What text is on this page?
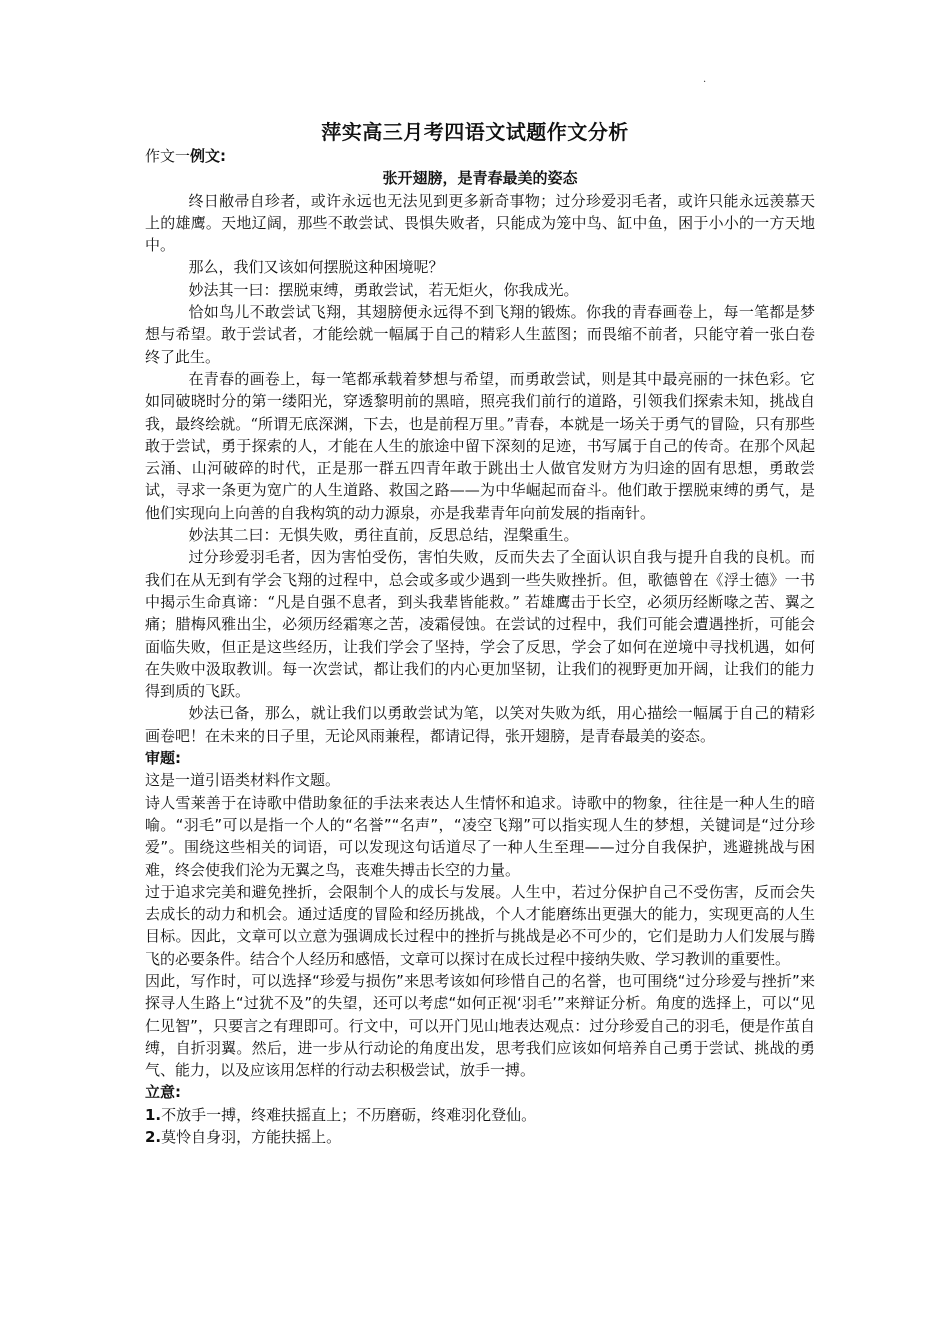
.
萍实高三月考四语文试题作文分析

作文一例文:

张开翅膀，是青春最美的姿态

终日敝帚自珍者，或许永远也无法见到更多新奇事物；过分珍爱羽毛者，或许只能永远羡慕天上的雄鹰。天地辽阔，那些不敢尝试、畏惧失败者，只能成为笼中鸟、缸中鱼，困于小小的一方天地中。

那么，我们又该如何摆脱这种困境呢？

妙法其一曰：摆脱束缚，勇敢尝试，若无炬火，你我成光。

恰如鸟儿不敢尝试飞翔，其翅膀便永远得不到飞翔的锻炼。你我的青春画卷上，每一笔都是梦想与希望。敢于尝试者，才能绘就一幅属于自己的精彩人生蓝图；而畏缩不前者，只能守着一张白卷终了此生。

在青春的画卷上，每一笔都承载着梦想与希望，而勇敢尝试，则是其中最亮丽的一抹色彩。它如同破晓时分的第一缕阳光，穿透黎明前的黑暗，照亮我们前行的道路，引领我们探索未知，挑战自我，最终绘就。“所谓无底深渊，下去，也是前程万里。”青春，本就是一场关于勇气的冒险，只有那些敢于尝试，勇于探索的人，才能在人生的旅途中留下深刻的足迹，书写属于自己的传奇。在那个风起云涌、山河破碎的时代，正是那一群五四青年敢于跳出士人做官发财方为归途的固有思想，勇敢尝试，寻求一条更为宽广的人生道路、救国之路——为中华崛起而奋斗。他们敢于摆脱束缚的勇气，是他们实现向上向善的自我构筑的动力源泉，亦是我辈青年向前发展的指南针。

妙法其二曰：无惧失败，勇往直前，反思总结，涅槃重生。

过分珍爱羽毛者，因为害怕受伤，害怕失败，反而失去了全面认识自我与提升自我的良机。而我们在从无到有学会飞翔的过程中，总会或多或少遇到一些失败挫折。但，歌德曾在《浮士德》一书中揭示生命真谛：“凡是自强不息者，到头我辈皆能救。” 若雄鹰击于长空，必须历经断喙之苦、翼之痛；腊梅风雅出尘，必须历经霜寒之苦，凌霜侵蚀。在尝试的过程中，我们可能会遭遇挫折，可能会面临失败，但正是这些经历，让我们学会了坚持，学会了反思，学会了如何在逆境中寻找机遇，如何在失败中汲取教训。每一次尝试，都让我们的内心更加坚韧，让我们的视野更加开阔，让我们的能力得到质的飞跃。

妙法已备，那么，就让我们以勇敢尝试为笔，以笑对失败为纸，用心描绘一幅属于自己的精彩画卷吧！在未来的日子里，无论风雨兼程，都请记得，张开翅膀，是青春最美的姿态。

审题:

这是一道引语类材料作文题。

诗人雪莱善于在诗歌中借助象征的手法来表达人生情怀和追求。诗歌中的物象，往往是一种人生的暗喻。“羽毛”可以是指一个人的“名誉”“名声”，“凌空飞翔”可以指实现人生的梦想，关键词是“过分珍爱”。围绕这些相关的词语，可以发现这句话道尽了一种人生至理——过分自我保护，逃避挑战与困难，终会使我们沦为无翼之鸟，丧难失搏击长空的力量。

过于追求完美和避免挫折，会限制个人的成长与发展。人生中，若过分保护自己不受伤害，反而会失去成长的动力和机会。通过适度的冒险和经历挑战，个人才能磨练出更强大的能力，实现更高的人生目标。因此，文章可以立意为强调成长过程中的挫折与挑战是必不可少的，它们是助力人们发展与腾飞的必要条件。结合个人经历和感悟，文章可以探讨在成长过程中接纳失败、学习教训的重要性。

因此，写作时，可以选择“珍爱与损伤”来思考该如何珍惜自己的名誉，也可围绕“过分珍爱与挫折”来探寻人生路上“过犹不及”的失望，还可以考虑“如何正视‘羽毛’”来辩证分析。角度的选择上，可以“见仁见智”，只要言之有理即可。行文中，可以开门见山地表达观点：过分珍爱自己的羽毛，便是作茧自缚，自折羽翼。然后，进一步从行动论的角度出发，思考我们应该如何培养自己勇于尝试、挑战的勇气、能力，以及应该用怎样的行动去积极尝试，放手一搏。

立意:

1.不放手一搏，终难扶摇直上；不历磨砺，终难羽化登仙。

2.莫怜自身羽，方能扶摇上。
